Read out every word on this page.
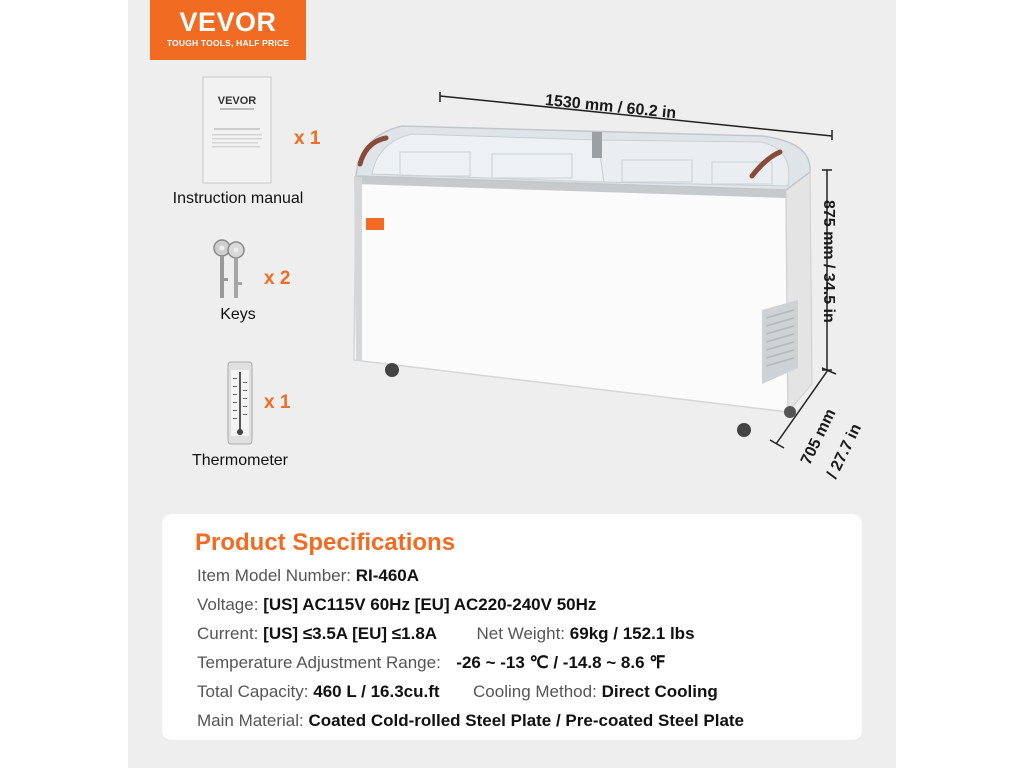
VEVOR
TOUGH TOOLS, HALF PRICE
VEVOR
x 1
Instruction manual
x 2
Keys
x 1
Thermometer
1530 mm / 60.2 in
875 mm / 34.5 in
705 mm
/ 27.7 in
Product Specifications
Item Model Number: RI-460A
Voltage: [US] AC115V 60Hz [EU] AC220-240V 50Hz
Current: [US] ≤3.5A [EU] ≤1.8A Net Weight: 69kg / 152.1 lbs
Temperature Adjustment Range: -26 ~ -13 ℃ / -14.8 ~ 8.6 ℉
Total Capacity: 460 L / 16.3cu.ft Cooling Method: Direct Cooling
Main Material: Coated Cold-rolled Steel Plate / Pre-coated Steel Plate
